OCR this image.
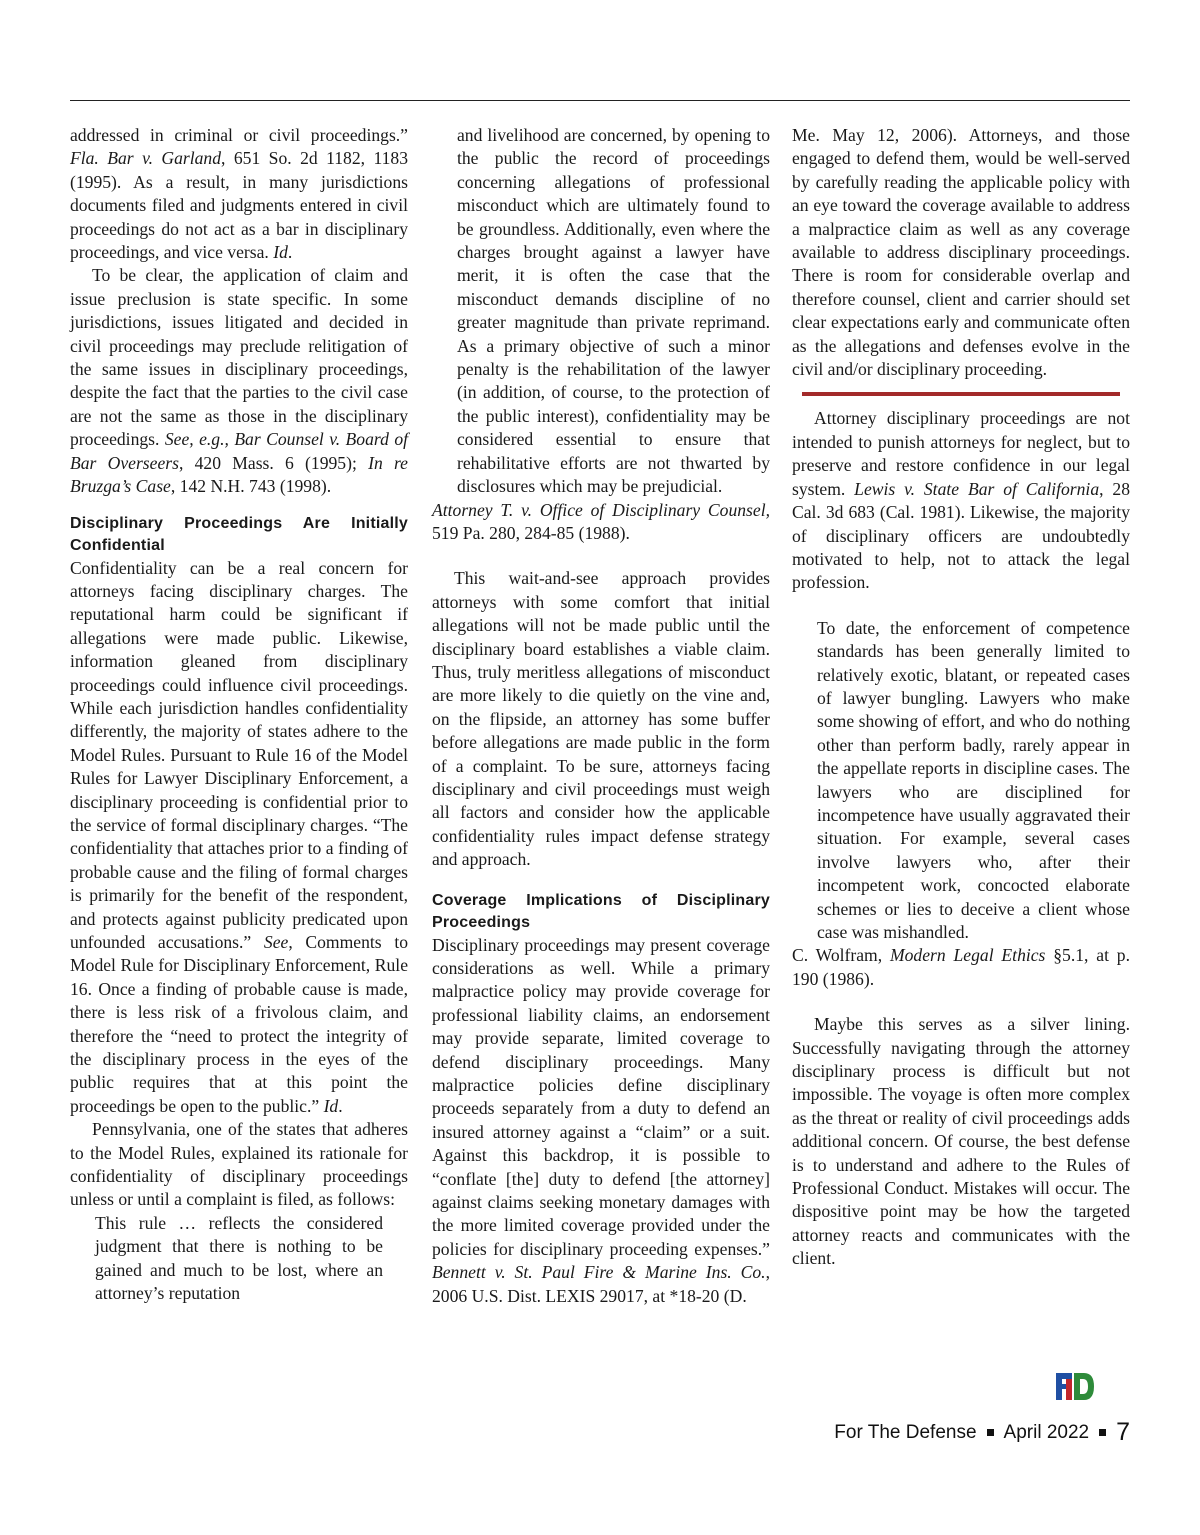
addressed in criminal or civil proceedings.” Fla. Bar v. Garland, 651 So. 2d 1182, 1183 (1995). As a result, in many jurisdictions documents filed and judgments entered in civil proceedings do not act as a bar in disciplinary proceedings, and vice versa. Id.

To be clear, the application of claim and issue preclusion is state specific. In some jurisdictions, issues litigated and decided in civil proceedings may preclude relitigation of the same issues in disciplinary proceedings, despite the fact that the parties to the civil case are not the same as those in the disciplinary proceedings. See, e.g., Bar Counsel v. Board of Bar Overseers, 420 Mass. 6 (1995); In re Bruzga’s Case, 142 N.H. 743 (1998).

Disciplinary Proceedings Are Initially Confidential

Confidentiality can be a real concern for attorneys facing disciplinary charges. The reputational harm could be significant if allegations were made public. Likewise, information gleaned from disciplinary proceedings could influence civil proceedings. While each jurisdiction handles confidentiality differently, the majority of states adhere to the Model Rules. Pursuant to Rule 16 of the Model Rules for Lawyer Disciplinary Enforcement, a disciplinary proceeding is confidential prior to the service of formal disciplinary charges. “The confidentiality that attaches prior to a finding of probable cause and the filing of formal charges is primarily for the benefit of the respondent, and protects against publicity predicated upon unfounded accusations.” See, Comments to Model Rule for Disciplinary Enforcement, Rule 16. Once a finding of probable cause is made, there is less risk of a frivolous claim, and therefore the “need to protect the integrity of the disciplinary process in the eyes of the public requires that at this point the proceedings be open to the public.” Id.

Pennsylvania, one of the states that adheres to the Model Rules, explained its rationale for confidentiality of disciplinary proceedings unless or until a complaint is filed, as follows:

This rule … reflects the considered judgment that there is nothing to be gained and much to be lost, where an attorney’s reputation

and livelihood are concerned, by opening to the public the record of proceedings concerning allegations of professional misconduct which are ultimately found to be groundless. Additionally, even where the charges brought against a lawyer have merit, it is often the case that the misconduct demands discipline of no greater magnitude than private reprimand. As a primary objective of such a minor penalty is the rehabilitation of the lawyer (in addition, of course, to the protection of the public interest), confidentiality may be considered essential to ensure that rehabilitative efforts are not thwarted by disclosures which may be prejudicial.

Attorney T. v. Office of Disciplinary Counsel, 519 Pa. 280, 284-85 (1988).

This wait-and-see approach provides attorneys with some comfort that initial allegations will not be made public until the disciplinary board establishes a viable claim. Thus, truly meritless allegations of misconduct are more likely to die quietly on the vine and, on the flipside, an attorney has some buffer before allegations are made public in the form of a complaint. To be sure, attorneys facing disciplinary and civil proceedings must weigh all factors and consider how the applicable confidentiality rules impact defense strategy and approach.

Coverage Implications of Disciplinary Proceedings

Disciplinary proceedings may present coverage considerations as well. While a primary malpractice policy may provide coverage for professional liability claims, an endorsement may provide separate, limited coverage to defend disciplinary proceedings. Many malpractice policies define disciplinary proceeds separately from a duty to defend an insured attorney against a “claim” or a suit. Against this backdrop, it is possible to “conflate [the] duty to defend [the attorney] against claims seeking monetary damages with the more limited coverage provided under the policies for disciplinary proceeding expenses.” Bennett v. St. Paul Fire & Marine Ins. Co., 2006 U.S. Dist. LEXIS 29017, at *18-20 (D.

Me. May 12, 2006). Attorneys, and those engaged to defend them, would be well-served by carefully reading the applicable policy with an eye toward the coverage available to address a malpractice claim as well as any coverage available to address disciplinary proceedings. There is room for considerable overlap and therefore counsel, client and carrier should set clear expectations early and communicate often as the allegations and defenses evolve in the civil and/or disciplinary proceeding.

Attorney disciplinary proceedings are not intended to punish attorneys for neglect, but to preserve and restore confidence in our legal system. Lewis v. State Bar of California, 28 Cal. 3d 683 (Cal. 1981). Likewise, the majority of disciplinary officers are undoubtedly motivated to help, not to attack the legal profession.

To date, the enforcement of competence standards has been generally limited to relatively exotic, blatant, or repeated cases of lawyer bungling. Lawyers who make some showing of effort, and who do nothing other than perform badly, rarely appear in the appellate reports in discipline cases. The lawyers who are disciplined for incompetence have usually aggravated their situation. For example, several cases involve lawyers who, after their incompetent work, concocted elaborate schemes or lies to deceive a client whose case was mishandled.

C. Wolfram, Modern Legal Ethics §5.1, at p. 190 (1986).

Maybe this serves as a silver lining. Successfully navigating through the attorney disciplinary process is difficult but not impossible. The voyage is often more complex as the threat or reality of civil proceedings adds additional concern. Of course, the best defense is to understand and adhere to the Rules of Professional Conduct. Mistakes will occur. The dispositive point may be how the targeted attorney reacts and communicates with the client.

For The Defense April 2022 7
